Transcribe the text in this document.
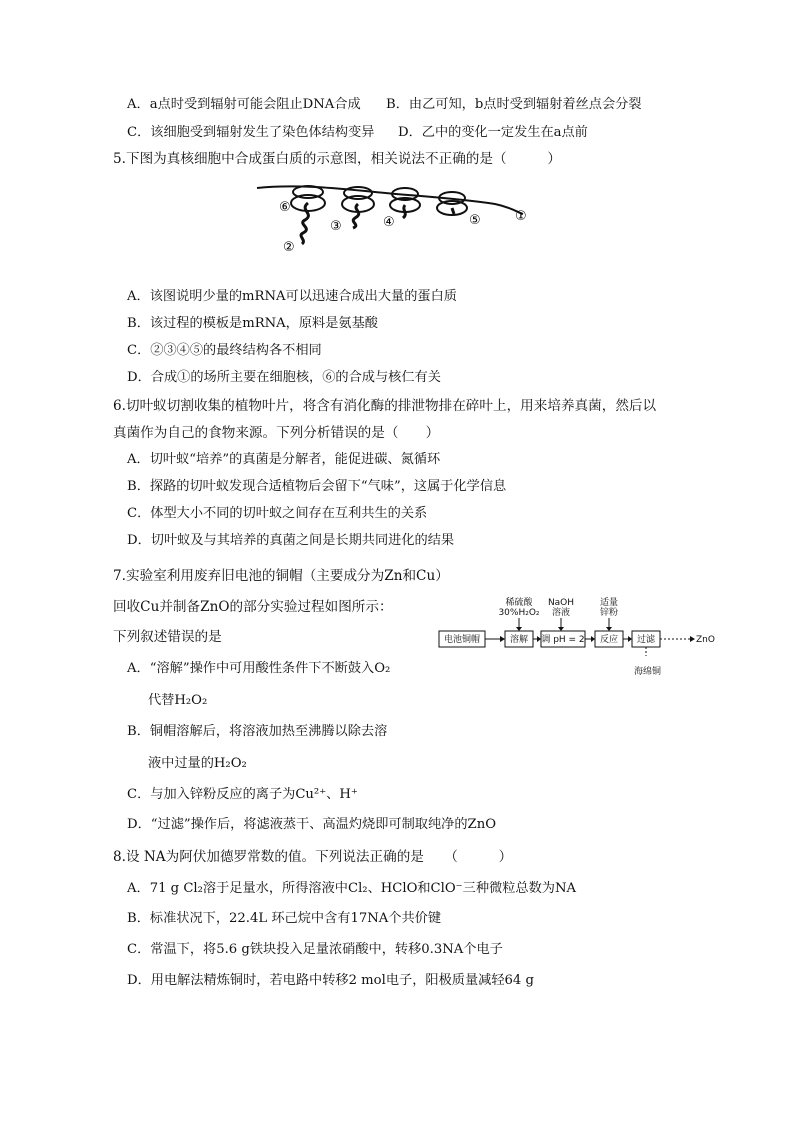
A．a点时受到辐射可能会阻止DNA合成 B．由乙可知，b点时受到辐射着丝点会分裂
C．该细胞受到辐射发生了染色体结构变异 D．乙中的变化一定发生在a点前
5.下图为真核细胞中合成蛋白质的示意图，相关说法不正确的是（　　　）
⑥
②
③	④	⑤	①
A．该图说明少量的mRNA可以迅速合成出大量的蛋白质
B．该过程的模板是mRNA，原料是氨基酸
C．②③④⑤的最终结构各不相同
D．合成①的场所主要在细胞核，⑥的合成与核仁有关
6.切叶蚁切割收集的植物叶片，将含有消化酶的排泄物排在碎叶上，用来培养真菌，然后以
真菌作为自己的食物来源。下列分析错误的是（　　）
A．切叶蚁“培养”的真菌是分解者，能促进碳、氮循环
B．探路的切叶蚁发现合适植物后会留下“气味”，这属于化学信息
C．体型大小不同的切叶蚁之间存在互利共生的关系
D．切叶蚁及与其培养的真菌之间是长期共同进化的结果
7.实验室利用废弃旧电池的铜帽（主要成分为Zn和Cu）
回收Cu并制备ZnO的部分实验过程如图所示：
下列叙述错误的是
稀硫酸
30%H₂O₂
NaOH
溶液
适量
锌粉
电池铜帽	溶解 调 pH = 2 反应 过滤	ZnO
海绵铜
A．“溶解”操作中可用酸性条件下不断鼓入O₂
代替H₂O₂
B．铜帽溶解后，将溶液加热至沸腾以除去溶
液中过量的H₂O₂
C．与加入锌粉反应的离子为Cu²⁺、H⁺
D．“过滤”操作后，将滤液蒸干、高温灼烧即可制取纯净的ZnO
8.设 NA为阿伏加德罗常数的值。下列说法正确的是　　（　　　）
A．71 g Cl₂溶于足量水，所得溶液中Cl₂、HClO和ClO⁻三种微粒总数为NA
B．标准状况下，22.4L 环己烷中含有17NA个共价键
C．常温下，将5.6 g铁块投入足量浓硝酸中，转移0.3NA个电子
D．用电解法精炼铜时，若电路中转移2 mol电子，阳极质量减轻64 g
